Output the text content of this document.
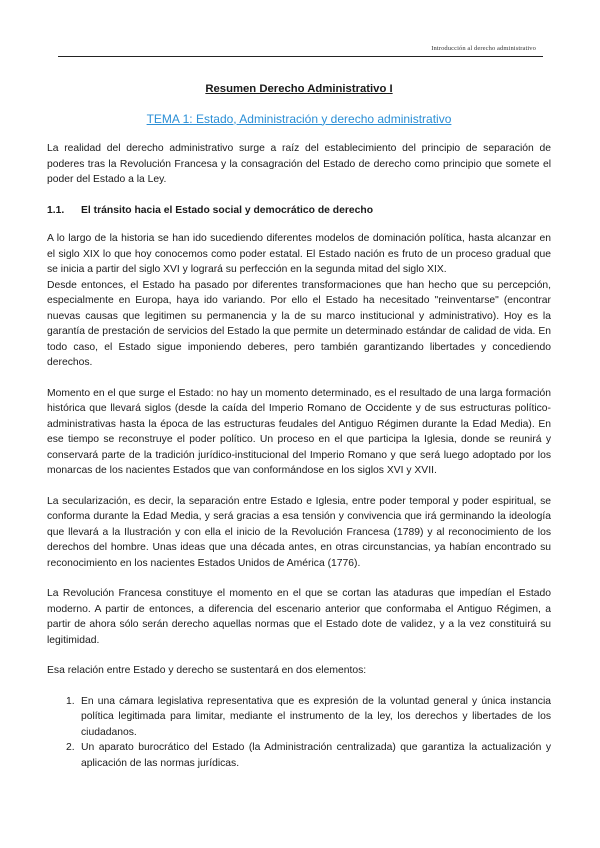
Introducción al derecho administrativo
Resumen Derecho Administrativo I
TEMA 1: Estado, Administración y derecho administrativo

La realidad del derecho administrativo surge a raíz del establecimiento del principio de separación de poderes tras la Revolución Francesa y la consagración del Estado de derecho como principio que somete el poder del Estado a la Ley.

1.1.	El tránsito hacia el Estado social y democrático de derecho

A lo largo de la historia se han ido sucediendo diferentes modelos de dominación política, hasta alcanzar en el siglo XIX lo que hoy conocemos como poder estatal. El Estado nación es fruto de un proceso gradual que se inicia a partir del siglo XVI y logrará su perfección en la segunda mitad del siglo XIX.

Desde entonces, el Estado ha pasado por diferentes transformaciones que han hecho que su percepción, especialmente en Europa, haya ido variando. Por ello el Estado ha necesitado "reinventarse" (encontrar nuevas causas que legitimen su permanencia y la de su marco institucional y administrativo). Hoy es la garantía de prestación de servicios del Estado la que permite un determinado estándar de calidad de vida. En todo caso, el Estado sigue imponiendo deberes, pero también garantizando libertades y concediendo derechos.

Momento en el que surge el Estado: no hay un momento determinado, es el resultado de una larga formación histórica que llevará siglos (desde la caída del Imperio Romano de Occidente y de sus estructuras político-administrativas hasta la época de las estructuras feudales del Antiguo Régimen durante la Edad Media). En ese tiempo se reconstruye el poder político. Un proceso en el que participa la Iglesia, donde se reunirá y conservará parte de la tradición jurídico-institucional del Imperio Romano y que será luego adoptado por los monarcas de los nacientes Estados que van conformándose en los siglos XVI y XVII.

La secularización, es decir, la separación entre Estado e Iglesia, entre poder temporal y poder espiritual, se conforma durante la Edad Media, y será gracias a esa tensión y convivencia que irá germinando la ideología que llevará a la Ilustración y con ella el inicio de la Revolución Francesa (1789) y al reconocimiento de los derechos del hombre. Unas ideas que una década antes, en otras circunstancias, ya habían encontrado su reconocimiento en los nacientes Estados Unidos de América (1776).

La Revolución Francesa constituye el momento en el que se cortan las ataduras que impedían el Estado moderno. A partir de entonces, a diferencia del escenario anterior que conformaba el Antiguo Régimen, a partir de ahora sólo serán derecho aquellas normas que el Estado dote de validez, y a la vez constituirá su legitimidad.

Esa relación entre Estado y derecho se sustentará en dos elementos:

1. En una cámara legislativa representativa que es expresión de la voluntad general y única instancia política legitimada para limitar, mediante el instrumento de la ley, los derechos y libertades de los ciudadanos.
2. Un aparato burocrático del Estado (la Administración centralizada) que garantiza la actualización y aplicación de las normas jurídicas.
